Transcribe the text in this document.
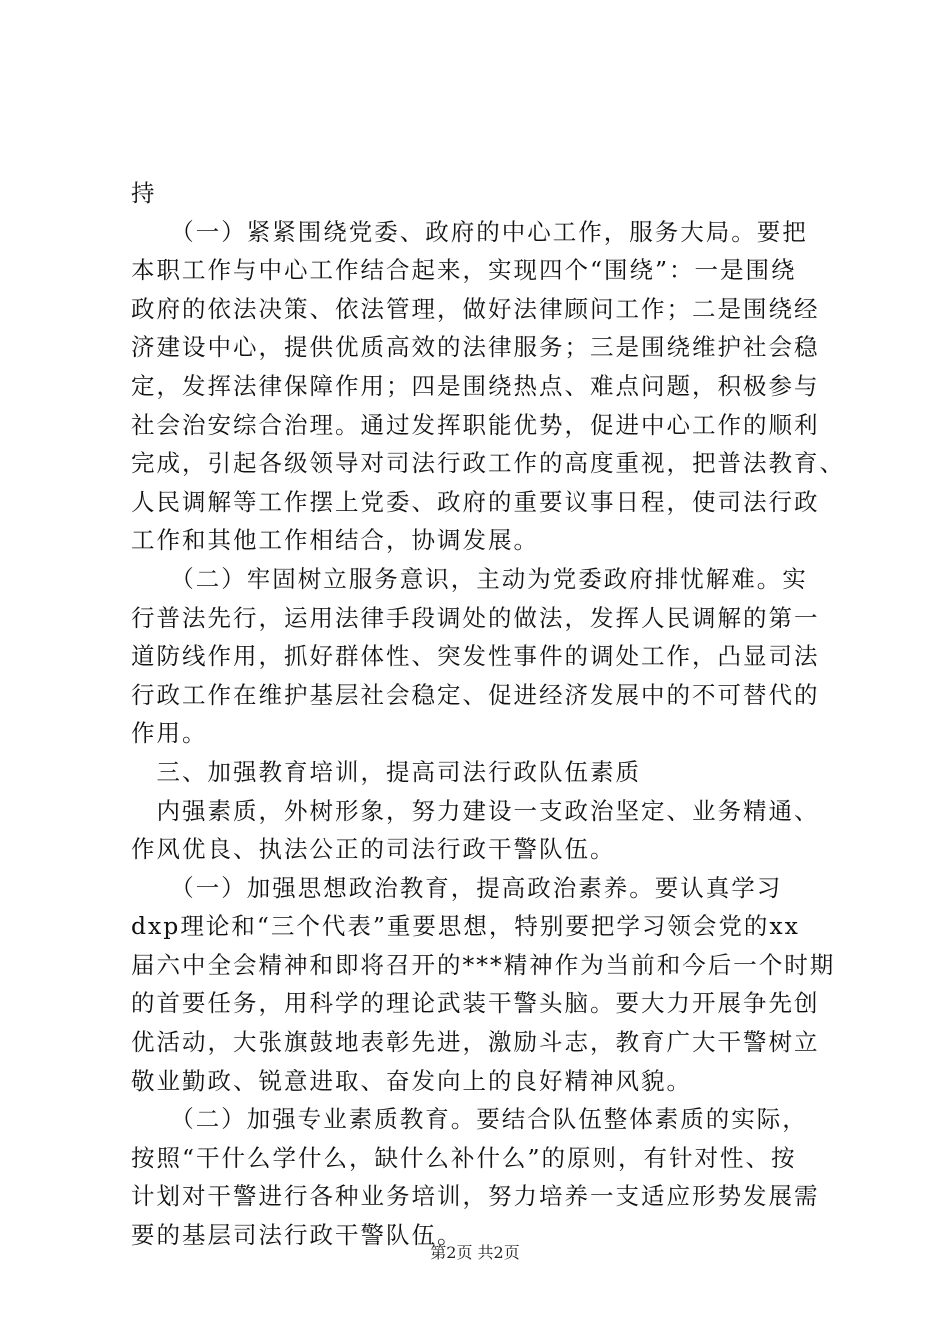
持
　　（一）紧紧围绕党委、政府的中心工作，服务大局。要把
本职工作与中心工作结合起来，实现四个“围绕”：一是围绕
政府的依法决策、依法管理，做好法律顾问工作；二是围绕经
济建设中心，提供优质高效的法律服务；三是围绕维护社会稳
定，发挥法律保障作用；四是围绕热点、难点问题，积极参与
社会治安综合治理。通过发挥职能优势，促进中心工作的顺利
完成，引起各级领导对司法行政工作的高度重视，把普法教育、
人民调解等工作摆上党委、政府的重要议事日程，使司法行政
工作和其他工作相结合，协调发展。
　　（二）牢固树立服务意识，主动为党委政府排忧解难。实
行普法先行，运用法律手段调处的做法，发挥人民调解的第一
道防线作用，抓好群体性、突发性事件的调处工作，凸显司法
行政工作在维护基层社会稳定、促进经济发展中的不可替代的
作用。
　三、加强教育培训，提高司法行政队伍素质
　内强素质，外树形象，努力建设一支政治坚定、业务精通、
作风优良、执法公正的司法行政干警队伍。
　　（一）加强思想政治教育，提高政治素养。要认真学习
dxp理论和“三个代表”重要思想，特别要把学习领会党的xx
届六中全会精神和即将召开的***精神作为当前和今后一个时期
的首要任务，用科学的理论武装干警头脑。要大力开展争先创
优活动，大张旗鼓地表彰先进，激励斗志，教育广大干警树立
敬业勤政、锐意进取、奋发向上的良好精神风貌。
　　（二）加强专业素质教育。要结合队伍整体素质的实际，
按照“干什么学什么，缺什么补什么”的原则，有针对性、按
计划对干警进行各种业务培训，努力培养一支适应形势发展需
要的基层司法行政干警队伍。
第2页 共2页
